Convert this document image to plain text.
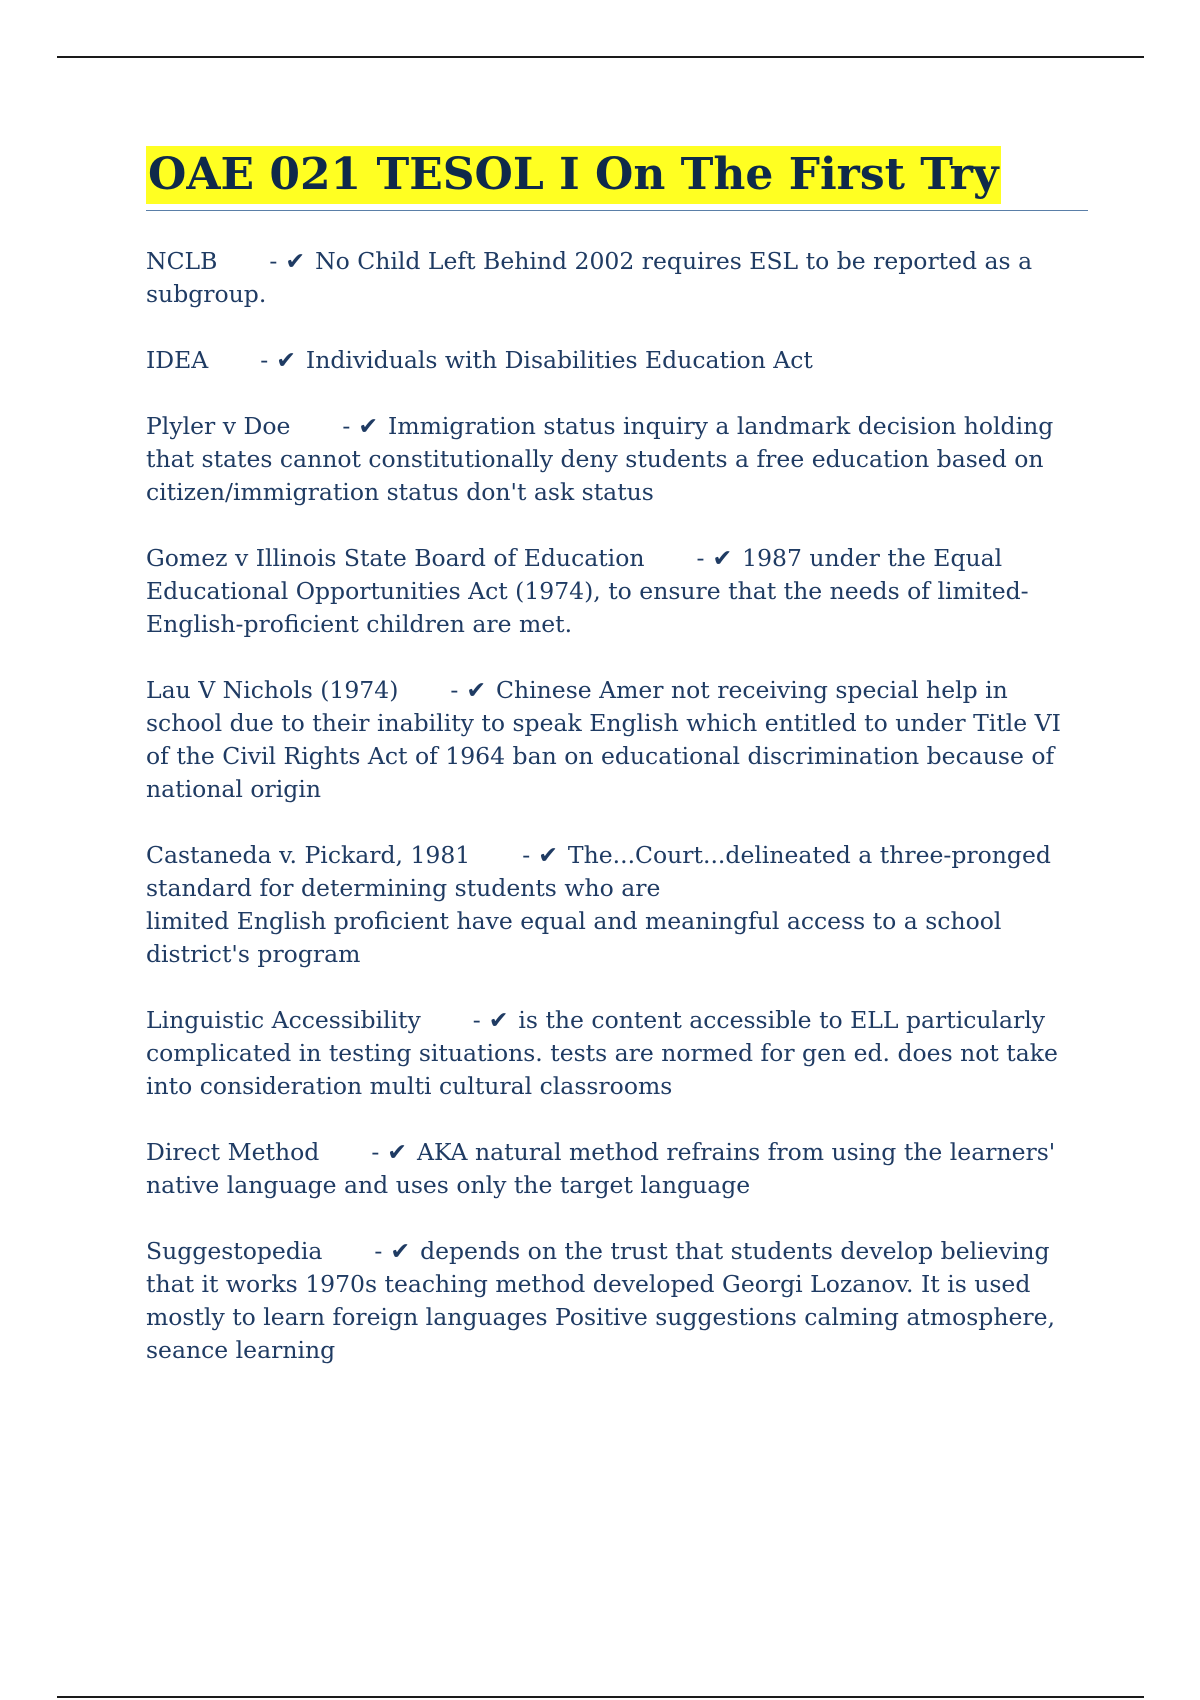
OAE 021 TESOL I On The First Try

NCLB - ✔ No Child Left Behind 2002 requires ESL to be reported as a subgroup.

IDEA - ✔ Individuals with Disabilities Education Act

Plyler v Doe - ✔ Immigration status inquiry a landmark decision holding that states cannot constitutionally deny students a free education based on citizen/immigration status don't ask status

Gomez v Illinois State Board of Education - ✔ 1987 under the Equal Educational Opportunities Act (1974), to ensure that the needs of limited-English-proficient children are met.

Lau V Nichols (1974) - ✔ Chinese Amer not receiving special help in school due to their inability to speak English which entitled to under Title VI of the Civil Rights Act of 1964 ban on educational discrimination because of national origin

Castaneda v. Pickard, 1981 - ✔ The...Court...delineated a three-pronged standard for determining students who are
limited English proficient have equal and meaningful access to a school district's program

Linguistic Accessibility - ✔ is the content accessible to ELL particularly complicated in testing situations. tests are normed for gen ed. does not take into consideration multi cultural classrooms

Direct Method - ✔ AKA natural method refrains from using the learners' native language and uses only the target language

Suggestopedia - ✔ depends on the trust that students develop believing that it works 1970s teaching method developed Georgi Lozanov. It is used mostly to learn foreign languages Positive suggestions calming atmosphere, seance learning
